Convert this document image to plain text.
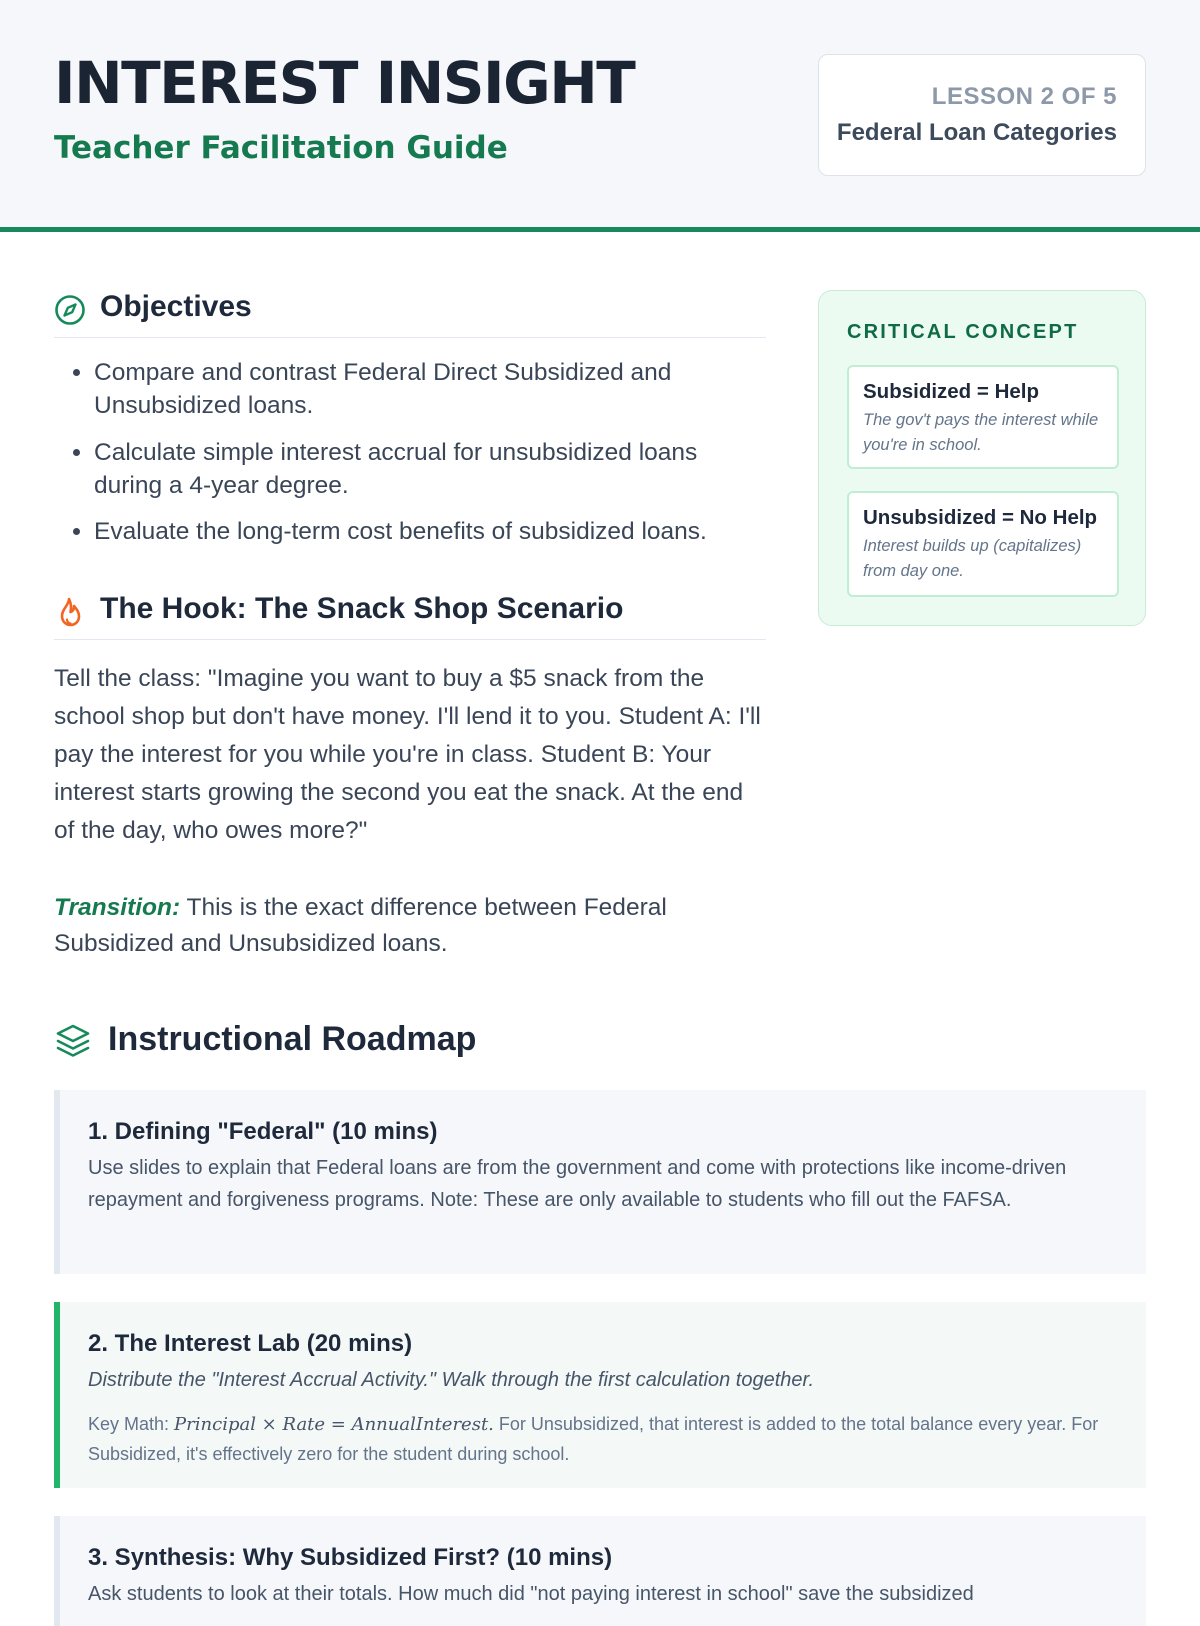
INTEREST INSIGHT
Teacher Facilitation Guide
LESSON 2 OF 5
Federal Loan Categories
Objectives
• Compare and contrast Federal Direct Subsidized and Unsubsidized loans.
• Calculate simple interest accrual for unsubsidized loans during a 4-year degree.
• Evaluate the long-term cost benefits of subsidized loans.
The Hook: The Snack Shop Scenario

Tell the class: "Imagine you want to buy a $5 snack from the school shop but don't have money. I'll lend it to you. Student A: I'll pay the interest for you while you're in class. Student B: Your interest starts growing the second you eat the snack. At the end of the day, who owes more?"

Transition: This is the exact difference between Federal Subsidized and Unsubsidized loans.

CRITICAL CONCEPT
Subsidized = Help
The gov't pays the interest while you're in school.
Unsubsidized = No Help
Interest builds up (capitalizes) from day one.
Instructional Roadmap
1. Defining "Federal" (10 mins)

Use slides to explain that Federal loans are from the government and come with protections like income-driven repayment and forgiveness programs. Note: These are only available to students who fill out the FAFSA.

2. The Interest Lab (20 mins)

Distribute the "Interest Accrual Activity." Walk through the first calculation together.

Key Math: Principal × Rate = AnnualInterest. For Unsubsidized, that interest is added to the total balance every year. For Subsidized, it's effectively zero for the student during school.

3. Synthesis: Why Subsidized First? (10 mins)

Ask students to look at their totals. How much did "not paying interest in school" save the subsidized
